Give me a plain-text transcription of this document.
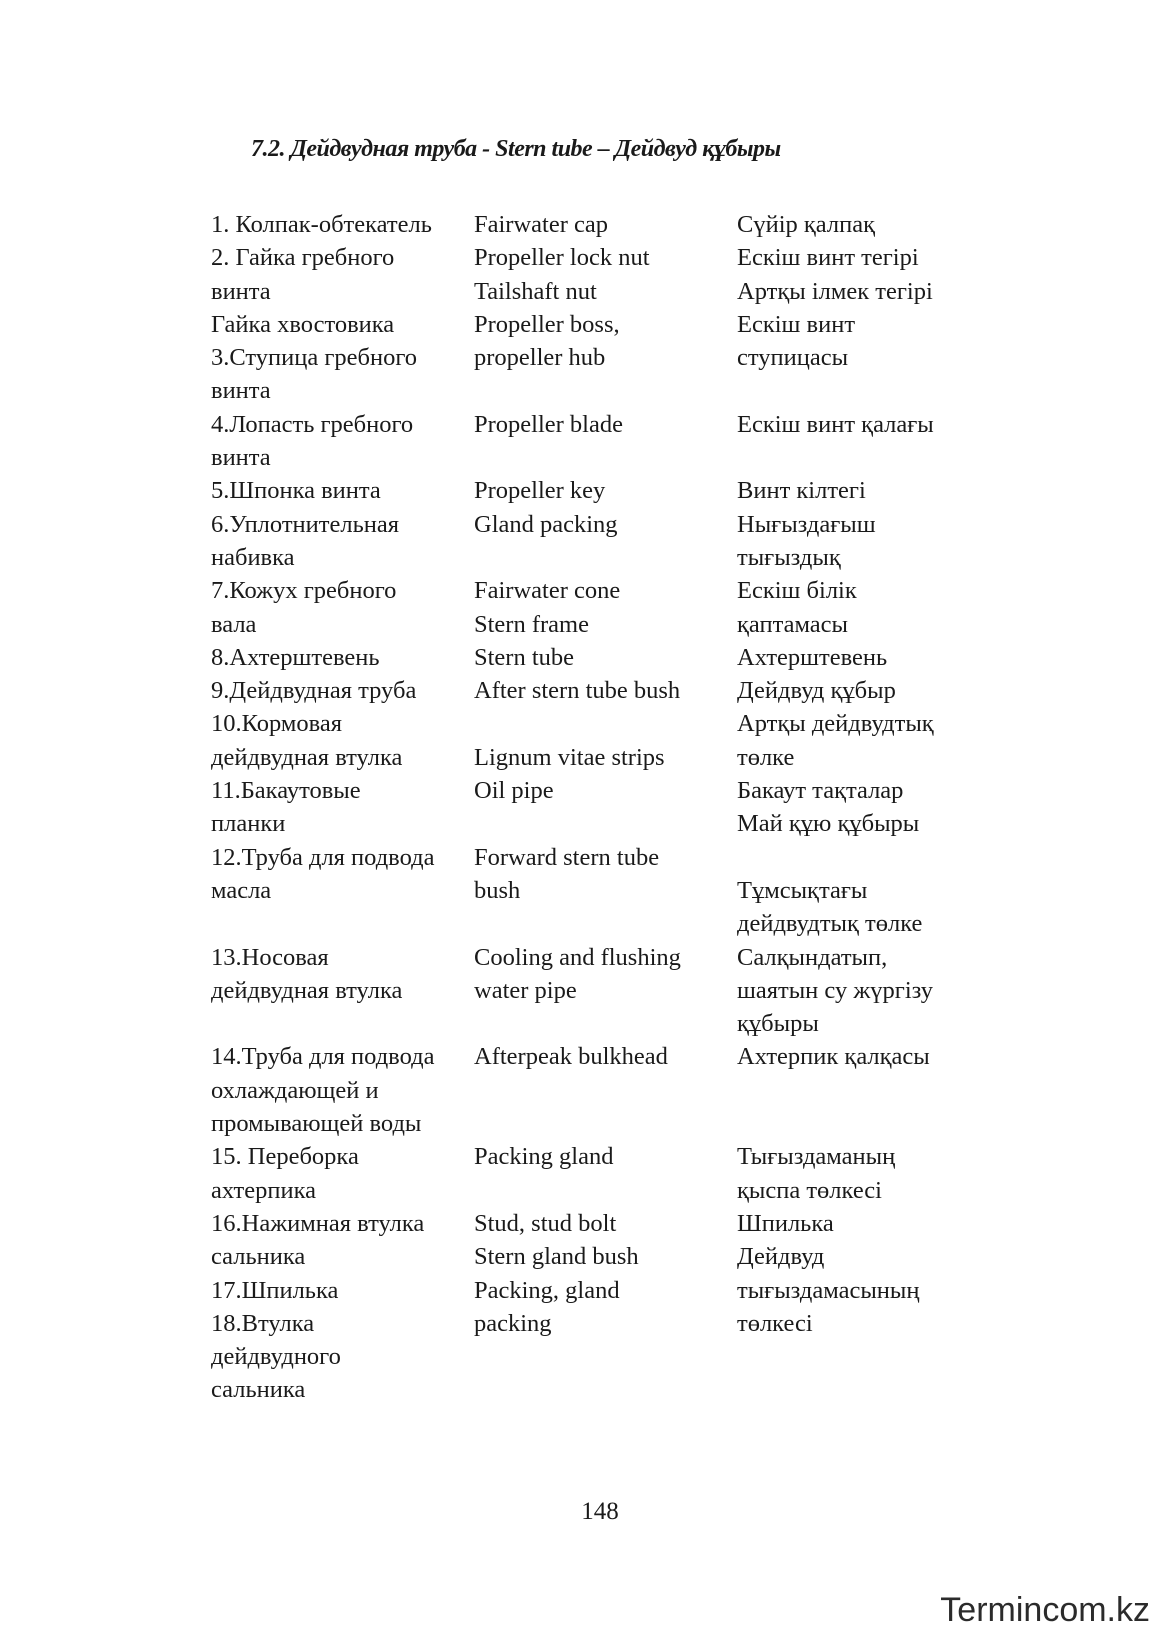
7.2. Дейдвудная труба - Stern tube – Дейдвуд құбыры
1. Колпак-обтекатель
2. Гайка гребного
винта
Гайка хвостовика
3.Ступица гребного
винта
4.Лопасть гребного
винта
5.Шпонка винта
6.Уплотнительная
набивка
7.Кожух гребного
вала
8.Ахтерштевень
9.Дейдвудная труба
10.Кормовая
дейдвудная втулка
11.Бакаутовые
планки
12.Труба для подвода
масла
13.Носовая
дейдвудная втулка
14.Труба для подвода
охлаждающей и
промывающей воды
15. Переборка
ахтерпика
16.Нажимная втулка
сальника
17.Шпилька
18.Втулка
дейдвудного
сальника
Fairwater cap
Propeller lock nut
Tailshaft nut
Propeller boss,
propeller hub
Propeller blade
Propeller key
Gland packing
Fairwater cone
Stern frame
Stern tube
After stern tube bush
Lignum vitae strips
Oil pipe
Forward stern tube
bush
Cooling and flushing
water pipe
Afterpeak bulkhead
Packing gland
Stud, stud bolt
Stern gland bush
Packing, gland
packing
Сүйір қалпақ
Ескіш винт тегірі
Артқы ілмек тегірі
Ескіш винт
ступицасы
Ескіш винт қалағы
Винт кілтегі
Нығыздағыш
тығыздық
Ескіш білік
қаптамасы
Ахтерштевень
Дейдвуд құбыр
Артқы дейдвудтық
төлке
Бакаут тақталар
Май құю құбыры
Тұмсықтағы
дейдвудтық төлке
Салқындатып,
шаятын су жүргізу
құбыры
Ахтерпик қалқасы
Тығыздаманың
қыспа төлкесі
Шпилька
Дейдвуд
тығыздамасының
төлкесі
148
Termincom.kz
